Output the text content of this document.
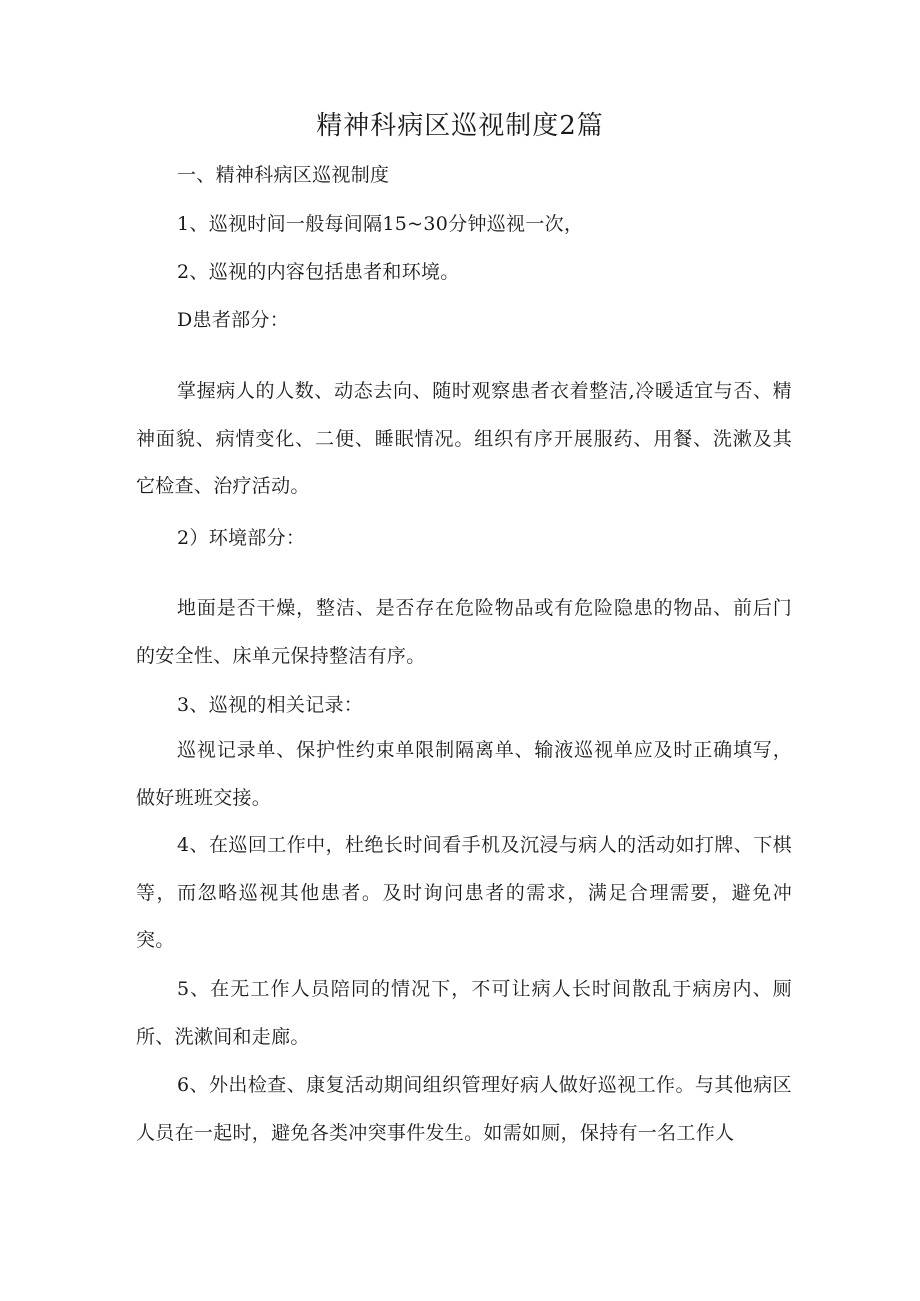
精神科病区巡视制度2篇

一、精神科病区巡视制度

1、巡视时间一般每间隔15~30分钟巡视一次，

2、巡视的内容包括患者和环境。

D患者部分：

掌握病人的人数、动态去向、随时观察患者衣着整洁,冷暖适宜与否、精神面貌、病情变化、二便、睡眠情况。组织有序开展服药、用餐、洗漱及其它检查、治疗活动。

2）环境部分：

地面是否干燥，整洁、是否存在危险物品或有危险隐患的物品、前后门的安全性、床单元保持整洁有序。

3、巡视的相关记录：

巡视记录单、保护性约束单限制隔离单、输液巡视单应及时正确填写，做好班班交接。

4、在巡回工作中，杜绝长时间看手机及沉浸与病人的活动如打牌、下棋等，而忽略巡视其他患者。及时询问患者的需求，满足合理需要，避免冲突。

5、在无工作人员陪同的情况下，不可让病人长时间散乱于病房内、厕所、洗漱间和走廊。

6、外出检查、康复活动期间组织管理好病人做好巡视工作。与其他病区人员在一起时，避免各类冲突事件发生。如需如厕，保持有一名工作人
